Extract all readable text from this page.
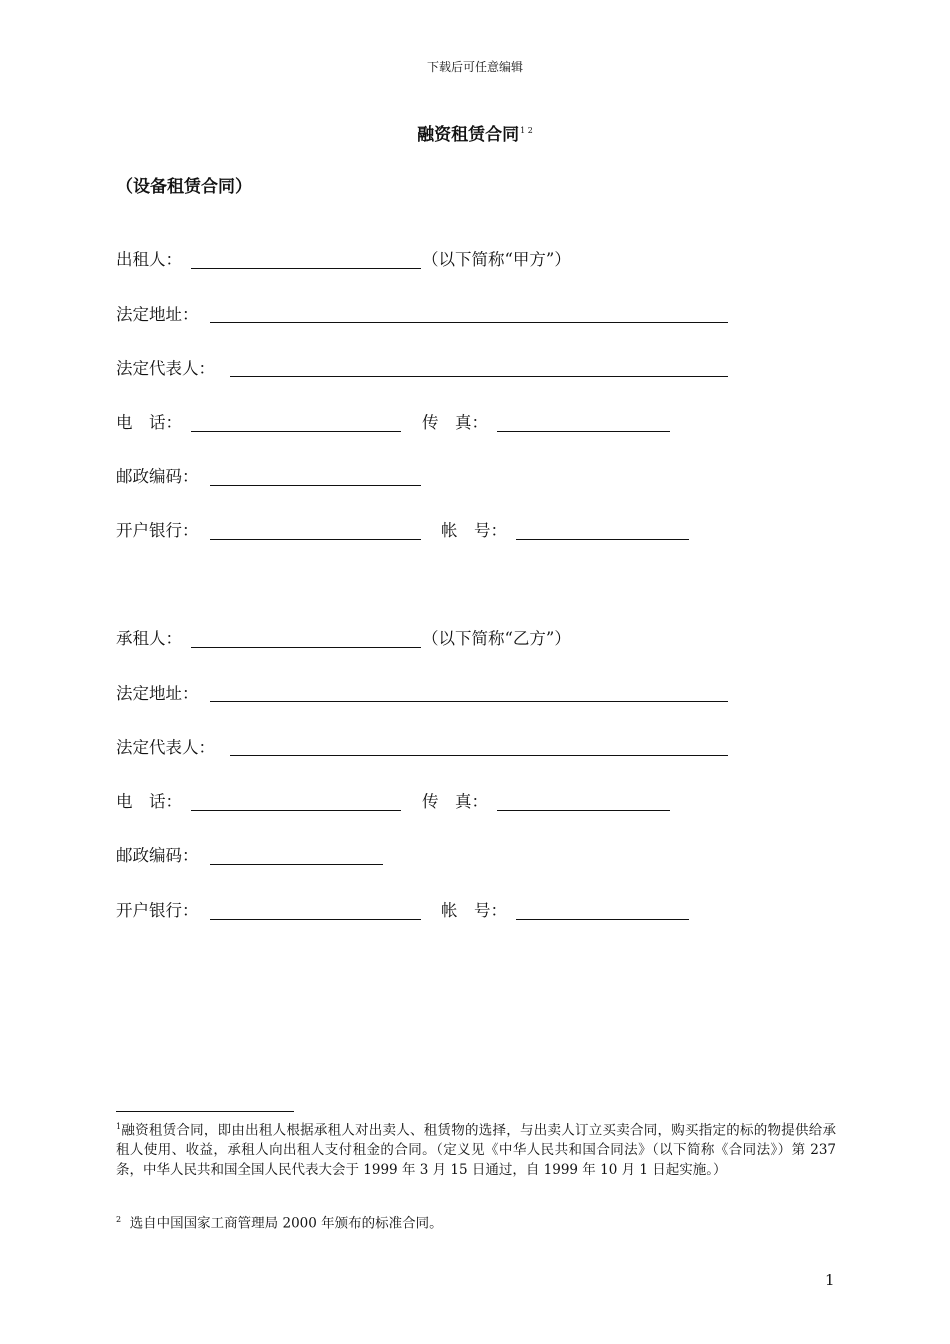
下载后可任意编辑
融资租赁合同$^{1 2}$
（设备租赁合同）
出租人：	（以下简称“甲方”）
法定地址：
法定代表人：
电　话：	传　真：
邮政编码：
开户银行：	帐　号：
承租人：	（以下简称“乙方”）
法定地址：
法定代表人：
电　话：	传　真：
邮政编码：
开户银行：	帐　号：
$^1$融资租赁合同，即由出租人根据承租人对出卖人、租赁物的选择，与出卖人订立买卖合同，购买指定的标的物提供给承租人使用、收益，承租人向出租人支付租金的合同。（定义见《中华人民共和国合同法》（以下简称《合同法》）第 237 条，中华人民共和国全国人民代表大会于 1999 年 3 月 15 日通过，自 1999 年 10 月 1 日起实施。）
$^2$ 选自中国国家工商管理局 2000 年颁布的标准合同。
1
